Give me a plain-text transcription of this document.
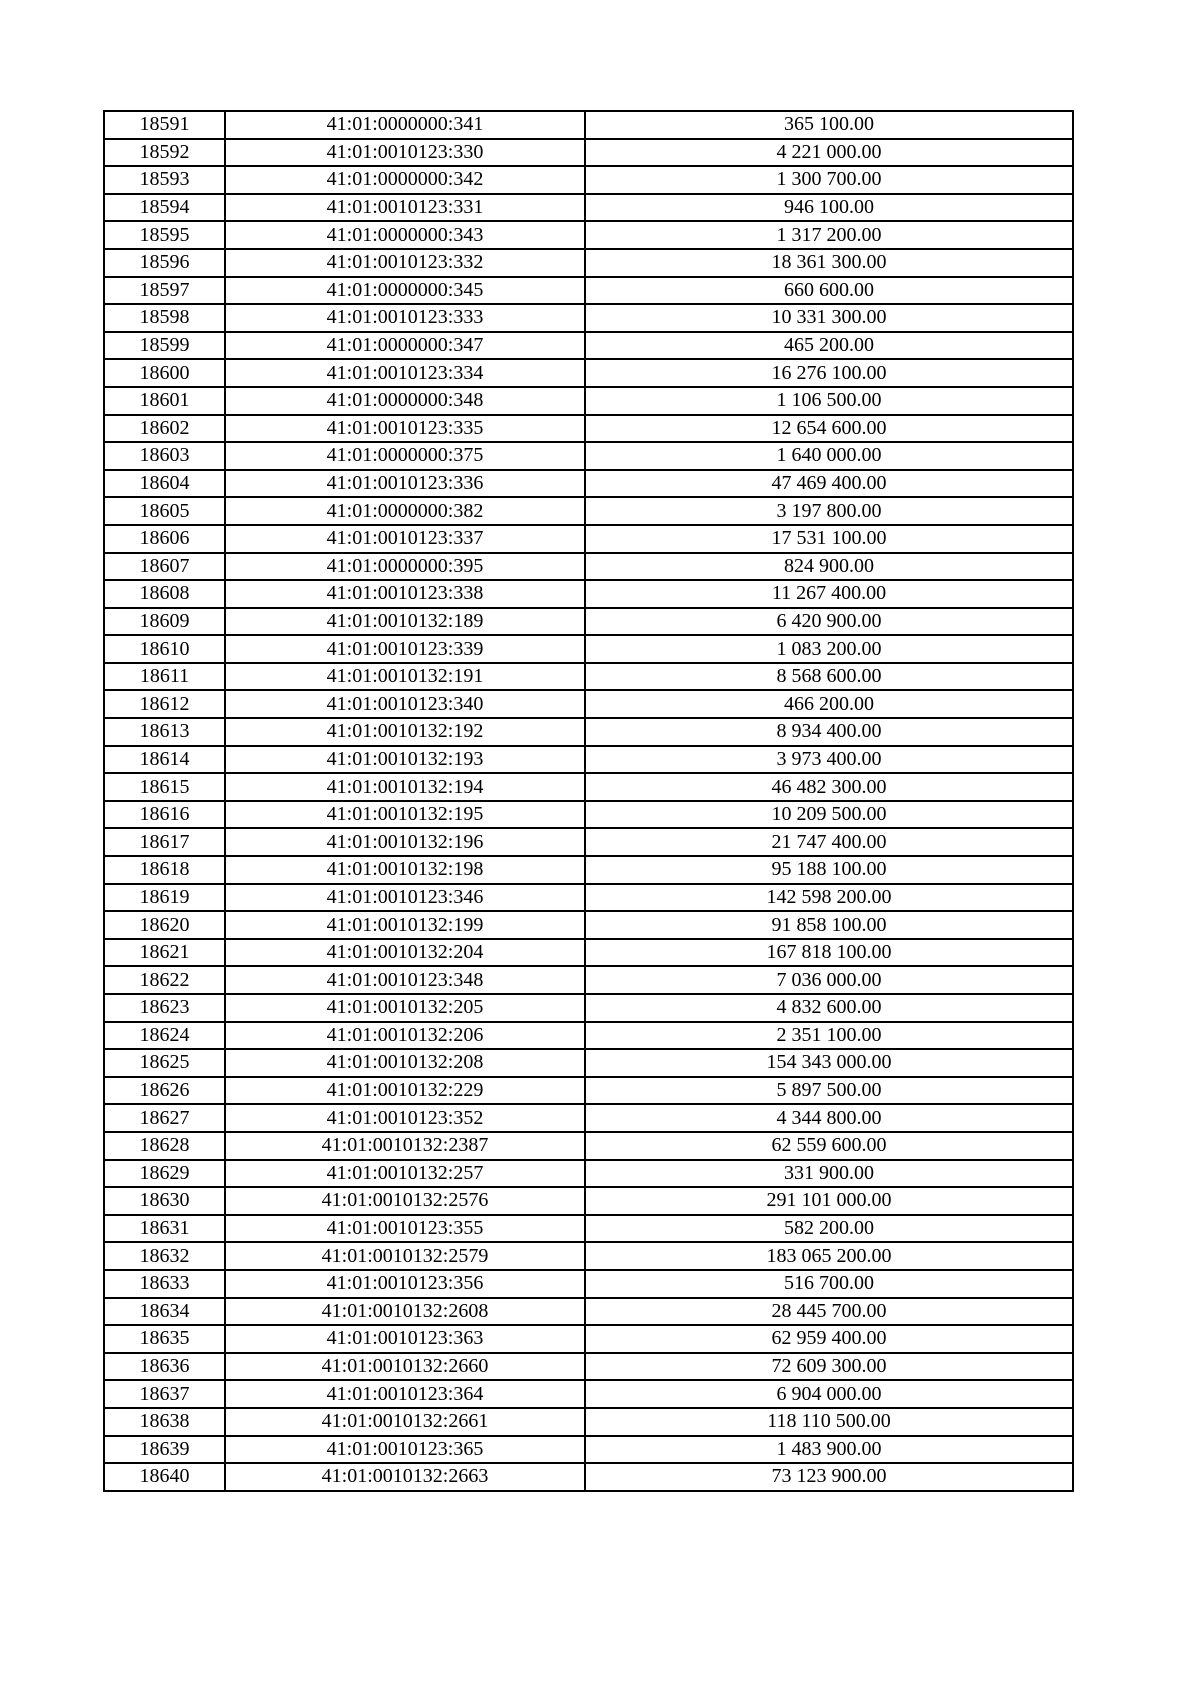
18591	41:01:0000000:341	365 100.00
18592	41:01:0010123:330	4 221 000.00
18593	41:01:0000000:342	1 300 700.00
18594	41:01:0010123:331	946 100.00
18595	41:01:0000000:343	1 317 200.00
18596	41:01:0010123:332	18 361 300.00
18597	41:01:0000000:345	660 600.00
18598	41:01:0010123:333	10 331 300.00
18599	41:01:0000000:347	465 200.00
18600	41:01:0010123:334	16 276 100.00
18601	41:01:0000000:348	1 106 500.00
18602	41:01:0010123:335	12 654 600.00
18603	41:01:0000000:375	1 640 000.00
18604	41:01:0010123:336	47 469 400.00
18605	41:01:0000000:382	3 197 800.00
18606	41:01:0010123:337	17 531 100.00
18607	41:01:0000000:395	824 900.00
18608	41:01:0010123:338	11 267 400.00
18609	41:01:0010132:189	6 420 900.00
18610	41:01:0010123:339	1 083 200.00
18611	41:01:0010132:191	8 568 600.00
18612	41:01:0010123:340	466 200.00
18613	41:01:0010132:192	8 934 400.00
18614	41:01:0010132:193	3 973 400.00
18615	41:01:0010132:194	46 482 300.00
18616	41:01:0010132:195	10 209 500.00
18617	41:01:0010132:196	21 747 400.00
18618	41:01:0010132:198	95 188 100.00
18619	41:01:0010123:346	142 598 200.00
18620	41:01:0010132:199	91 858 100.00
18621	41:01:0010132:204	167 818 100.00
18622	41:01:0010123:348	7 036 000.00
18623	41:01:0010132:205	4 832 600.00
18624	41:01:0010132:206	2 351 100.00
18625	41:01:0010132:208	154 343 000.00
18626	41:01:0010132:229	5 897 500.00
18627	41:01:0010123:352	4 344 800.00
18628	41:01:0010132:2387	62 559 600.00
18629	41:01:0010132:257	331 900.00
18630	41:01:0010132:2576	291 101 000.00
18631	41:01:0010123:355	582 200.00
18632	41:01:0010132:2579	183 065 200.00
18633	41:01:0010123:356	516 700.00
18634	41:01:0010132:2608	28 445 700.00
18635	41:01:0010123:363	62 959 400.00
18636	41:01:0010132:2660	72 609 300.00
18637	41:01:0010123:364	6 904 000.00
18638	41:01:0010132:2661	118 110 500.00
18639	41:01:0010123:365	1 483 900.00
18640	41:01:0010132:2663	73 123 900.00
